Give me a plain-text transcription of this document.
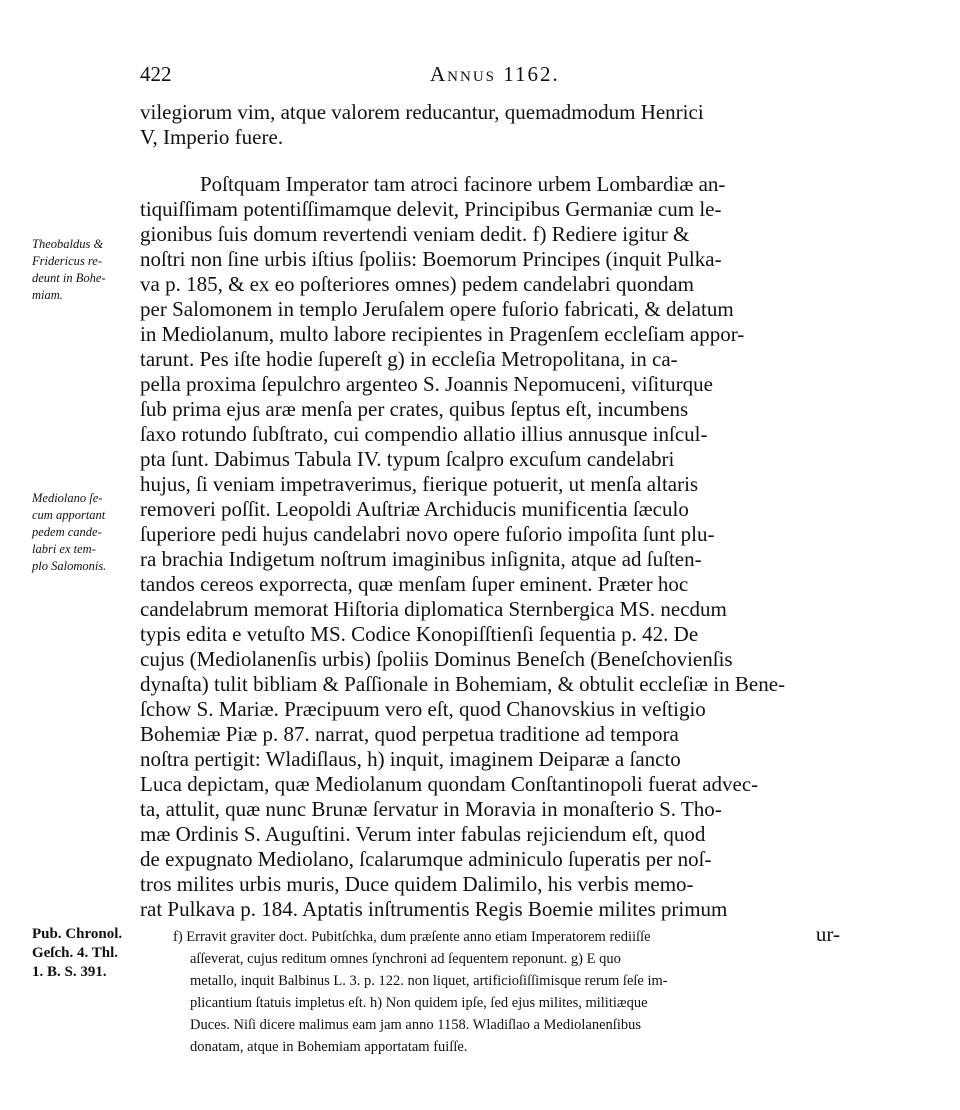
422	Annus 1162.
vilegiorum vim, atque valorem reducantur, quemadmodum Henrici
V, Imperio fuere.
Poſtquam Imperator tam atroci facinore urbem Lombardiæ an-
tiquiſſimam potentiſſimamque delevit, Principibus Germaniæ cum le-
gionibus ſuis domum revertendi veniam dedit. f) Rediere igitur &
noſtri non ſine urbis iſtius ſpoliis: Boemorum Principes (inquit Pulka-
va p. 185, & ex eo poſteriores omnes) pedem candelabri quondam
per Salomonem in templo Jeruſalem opere fuſorio fabricati, & delatum
in Mediolanum, multo labore recipientes in Pragenſem eccleſiam appor-
tarunt. Pes iſte hodie ſupereſt g) in eccleſia Metropolitana, in ca-
pella proxima ſepulchro argenteo S. Joannis Nepomuceni, viſiturque
ſub prima ejus aræ menſa per crates, quibus ſeptus eſt, incumbens
ſaxo rotundo ſubſtrato, cui compendio allatio illius annusque inſcul-
pta ſunt. Dabimus Tabula IV. typum ſcalpro excuſum candelabri
hujus, ſi veniam impetraverimus, fierique potuerit, ut menſa altaris
removeri poſſit. Leopoldi Auſtriæ Archiducis munificentia ſæculo
ſuperiore pedi hujus candelabri novo opere fuſorio impoſita ſunt plu-
ra brachia Indigetum noſtrum imaginibus inſignita, atque ad ſuſten-
tandos cereos exporrecta, quæ menſam ſuper eminent. Præter hoc
candelabrum memorat Hiſtoria diplomatica Sternbergica MS. necdum
typis edita e vetuſto MS. Codice Konopiſſtienſi ſequentia p. 42. De
cujus (Mediolanenſis urbis) ſpoliis Dominus Beneſch (Beneſchovienſis
dynaſta) tulit bibliam & Paſſionale in Bohemiam, & obtulit eccleſiæ in Bene-
ſchow S. Mariæ. Præcipuum vero eſt, quod Chanovskius in veſtigio
Bohemiæ Piæ p. 87. narrat, quod perpetua traditione ad tempora
noſtra pertigit: Wladiſlaus, h) inquit, imaginem Deiparæ a ſancto
Luca depictam, quæ Mediolanum quondam Conſtantinopoli fuerat advec-
ta, attulit, quæ nunc Brunæ ſervatur in Moravia in monaſterio S. Tho-
mæ Ordinis S. Auguſtini. Verum inter fabulas rejiciendum eſt, quod
de expugnato Mediolano, ſcalarumque adminiculo ſuperatis per noſ-
tros milites urbis muris, Duce quidem Dalimilo, his verbis memo-
rat Pulkava p. 184. Aptatis inſtrumentis Regis Boemie milites primum
ur-
Theobaldus &
Fridericus re-
deunt in Bohe-
miam.
Mediolano ſe-
cum apportant
pedem cande-
labri ex tem-
plo Salomonis.
Pub. Chronol.
Geſch. 4. Thl.
1. B. S. 391.
f) Erravit graviter doct. Pubitſchka, dum præſente anno etiam Imperatorem rediiſſe
aſſeverat, cujus reditum omnes ſynchroni ad ſequentem reponunt. g) E quo
metallo, inquit Balbinus L. 3. p. 122. non liquet, artificioſiſſimisque rerum ſeſe im-
plicantium ſtatuis impletus eſt. h) Non quidem ipſe, ſed ejus milites, militiæque
Duces. Niſi dicere malimus eam jam anno 1158. Wladiſlao a Mediolanenſibus
donatam, atque in Bohemiam apportatam fuiſſe.
